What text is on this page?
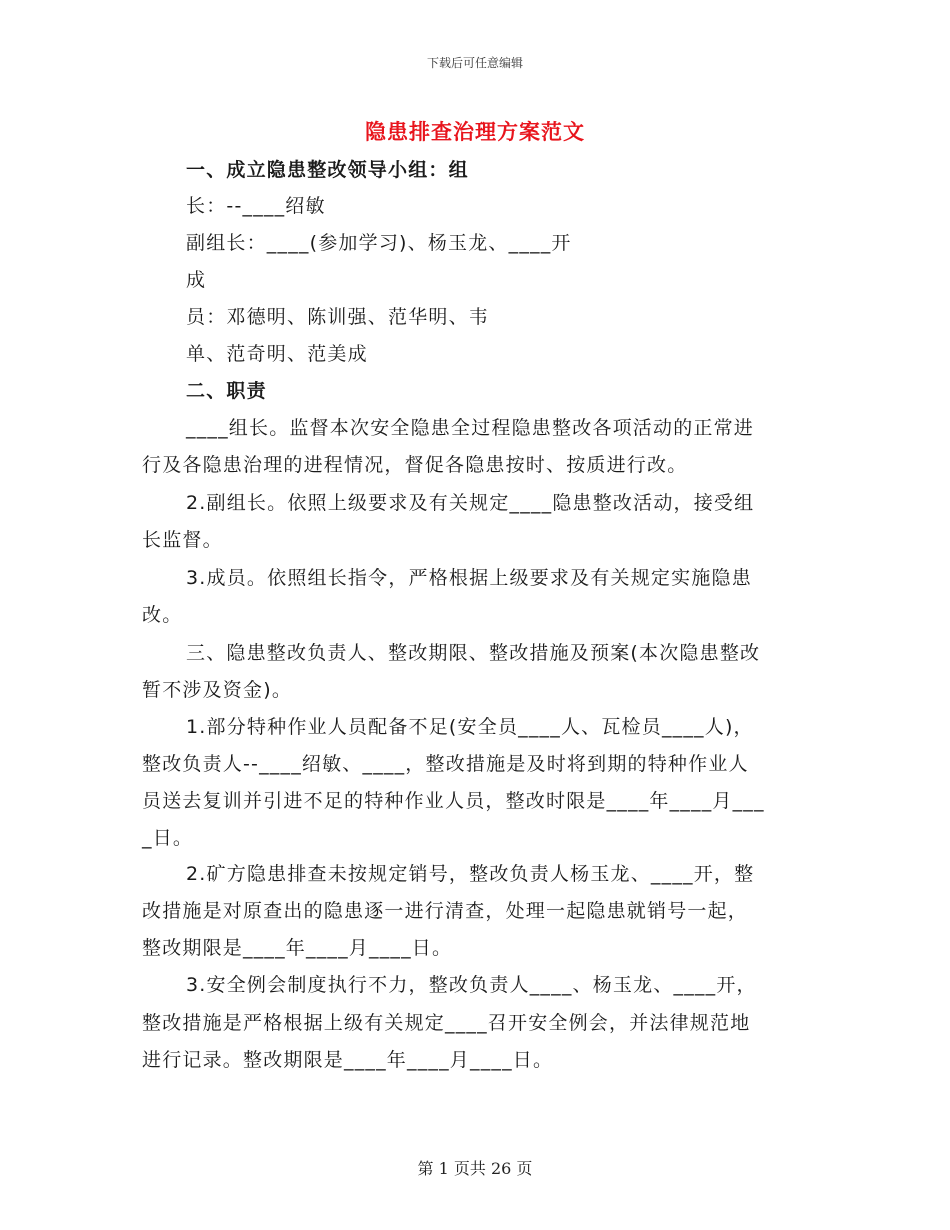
下载后可任意编辑
隐患排查治理方案范文
一、成立隐患整改领导小组：组
长：--____绍敏
副组长：____(参加学习)、杨玉龙、____开
成
员：邓德明、陈训强、范华明、韦
单、范奇明、范美成
二、职责
____组长。监督本次安全隐患全过程隐患整改各项活动的正常进
行及各隐患治理的进程情况，督促各隐患按时、按质进行改。
2.副组长。依照上级要求及有关规定____隐患整改活动，接受组
长监督。
3.成员。依照组长指令，严格根据上级要求及有关规定实施隐患
改。
三、隐患整改负责人、整改期限、整改措施及预案(本次隐患整改
暂不涉及资金)。
1.部分特种作业人员配备不足(安全员____人、瓦检员____人)，
整改负责人--____绍敏、____，整改措施是及时将到期的特种作业人
员送去复训并引进不足的特种作业人员，整改时限是____年____月___
_日。
2.矿方隐患排查未按规定销号，整改负责人杨玉龙、____开，整
改措施是对原查出的隐患逐一进行清查，处理一起隐患就销号一起，
整改期限是____年____月____日。
3.安全例会制度执行不力，整改负责人____、杨玉龙、____开，
整改措施是严格根据上级有关规定____召开安全例会，并法律规范地
进行记录。整改期限是____年____月____日。
第 1 页共 26 页
